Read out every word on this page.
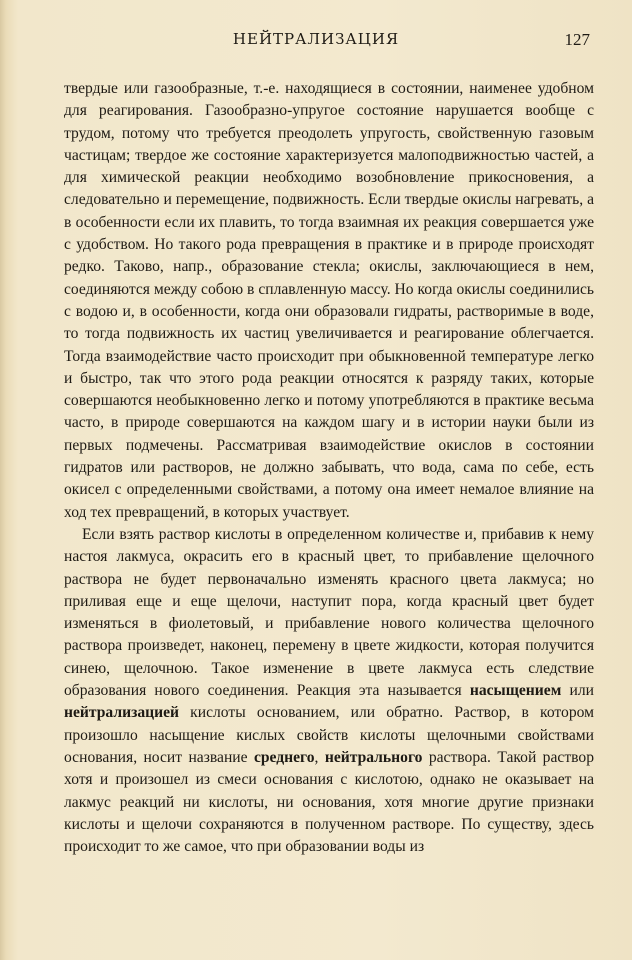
НЕЙТРАЛИЗАЦИЯ	127

твердые или газообразные, т.-е. находящиеся в состоянии, наименее удобном для реагирования. Газообразно-упругое состояние нарушается вообще с трудом, потому что требуется преодолеть упругость, свойственную газовым частицам; твердое же состояние характеризуется малоподвижностью частей, а для химической реакции необходимо возобновление прикосновения, а следовательно и перемещение, подвижность. Если твердые окислы нагревать, а в особенности если их плавить, то тогда взаимная их реакция совершается уже с удобством. Но такого рода превращения в практике и в природе происходят редко. Таково, напр., образование стекла; окислы, заключающиеся в нем, соединяются между собою в сплавленную массу. Но когда окислы соединились с водою и, в особенности, когда они образовали гидраты, растворимые в воде, то тогда подвижность их частиц увеличивается и реагирование облегчается. Тогда взаимодействие часто происходит при обыкновенной температуре легко и быстро, так что этого рода реакции относятся к разряду таких, которые совершаются необыкновенно легко и потому употребляются в практике весьма часто, в природе совершаются на каждом шагу и в истории науки были из первых подмечены. Рассматривая взаимодействие окислов в состоянии гидратов или растворов, не должно забывать, что вода, сама по себе, есть окисел с определенными свойствами, а потому она имеет немалое влияние на ход тех превращений, в которых участвует.

Если взять раствор кислоты в определенном количестве и, прибавив к нему настоя лакмуса, окрасить его в красный цвет, то прибавление щелочного раствора не будет первоначально изменять красного цвета лакмуса; но приливая еще и еще щелочи, наступит пора, когда красный цвет будет изменяться в фиолетовый, и прибавление нового количества щелочного раствора произведет, наконец, перемену в цвете жидкости, которая получится синею, щелочною. Такое изменение в цвете лакмуса есть следствие образования нового соединения. Реакция эта называется насыщением или нейтрализацией кислоты основанием, или обратно. Раствор, в котором произошло насыщение кислых свойств кислоты щелочными свойствами основания, носит название среднего, нейтрального раствора. Такой раствор хотя и произошел из смеси основания с кислотою, однако не оказывает на лакмус реакций ни кислоты, ни основания, хотя многие другие признаки кислоты и щелочи сохраняются в полученном растворе. По существу, здесь происходит то же самое, что при образовании воды из
